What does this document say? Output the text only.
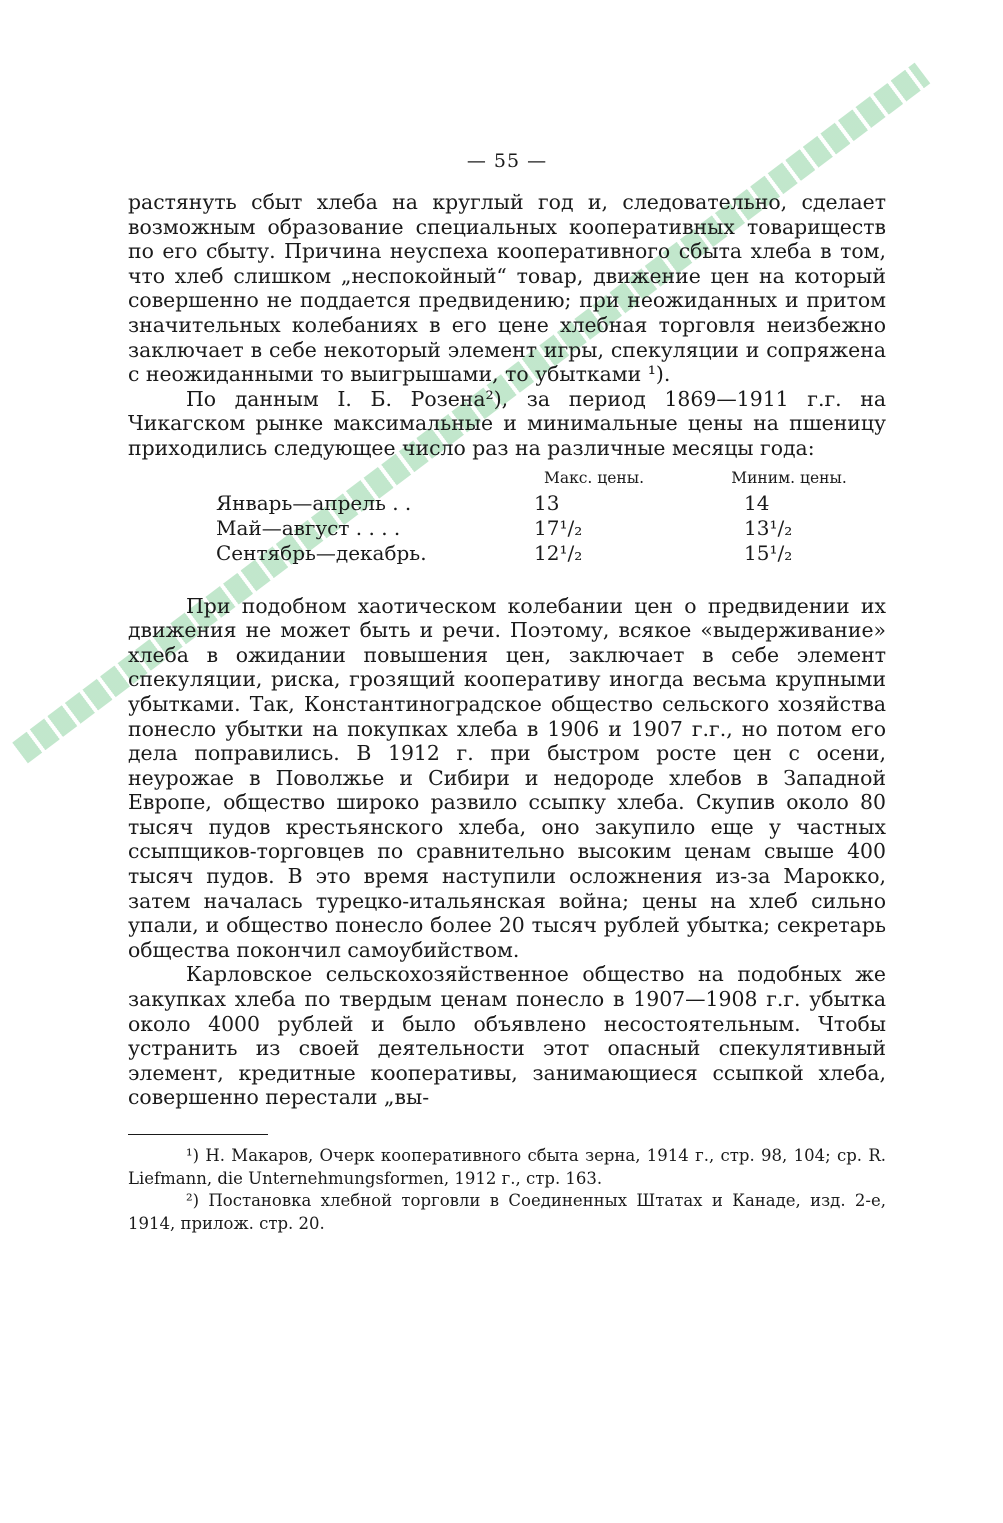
— 55 —

растянуть сбыт хлеба на круглый год и, следовательно, сделает возможным образование специальных кооперативных товариществ по его сбыту. Причина неуспеха кооперативного сбыта хлеба в том, что хлеб слишком „неспокойный“ товар, движение цен на который совершенно не поддается предвидению; при неожиданных и притом значительных колебаниях в его цене хлебная торговля неизбежно заключает в себе некоторый элемент игры, спекуляции и сопряжена с неожиданными то выигрышами, то убытками ¹).

По данным I. Б. Розена²), за период 1869—1911 г.г. на Чикагском рынке максимальные и минимальные цены на пшеницу приходились следующее число раз на различные месяцы года:

	Макс. цены.	Миним. цены.
Январь—апрель . .	13	14
Май—август . . . .	17¹/₂	13¹/₂
Сентябрь—декабрь.	12¹/₂	15¹/₂

При подобном хаотическом колебании цен о предвидении их движения не может быть и речи. Поэтому, всякое «выдерживание» хлеба в ожидании повышения цен, заключает в себе элемент спекуляции, риска, грозящий кооперативу иногда весьма крупными убытками. Так, Константиноградское общество сельского хозяйства понесло убытки на покупках хлеба в 1906 и 1907 г.г., но потом его дела поправились. В 1912 г. при быстром росте цен с осени, неурожае в Поволжье и Сибири и недороде хлебов в Западной Европе, общество широко развило ссыпку хлеба. Скупив около 80 тысяч пудов крестьянского хлеба, оно закупило еще у частных ссыпщиков-торговцев по сравнительно высоким ценам свыше 400 тысяч пудов. В это время наступили осложнения из-за Марокко, затем началась турецко-итальянская война; цены на хлеб сильно упали, и общество понесло более 20 тысяч рублей убытка; секретарь общества покончил самоубийством.

Карловское сельскохозяйственное общество на подобных же закупках хлеба по твердым ценам понесло в 1907—1908 г.г. убытка около 4000 рублей и было объявлено несостоятельным. Чтобы устранить из своей деятельности этот опасный спекулятивный элемент, кредитные кооперативы, занимающиеся ссыпкой хлеба, совершенно перестали „вы-

¹) Н. Макаров, Очерк кооперативного сбыта зерна, 1914 г., стр. 98, 104; ср. R. Liefmann, die Unternehmungsformen, 1912 г., стр. 163.

²) Постановка хлебной торговли в Соединенных Штатах и Канаде, изд. 2-е, 1914, прилож. стр. 20.
